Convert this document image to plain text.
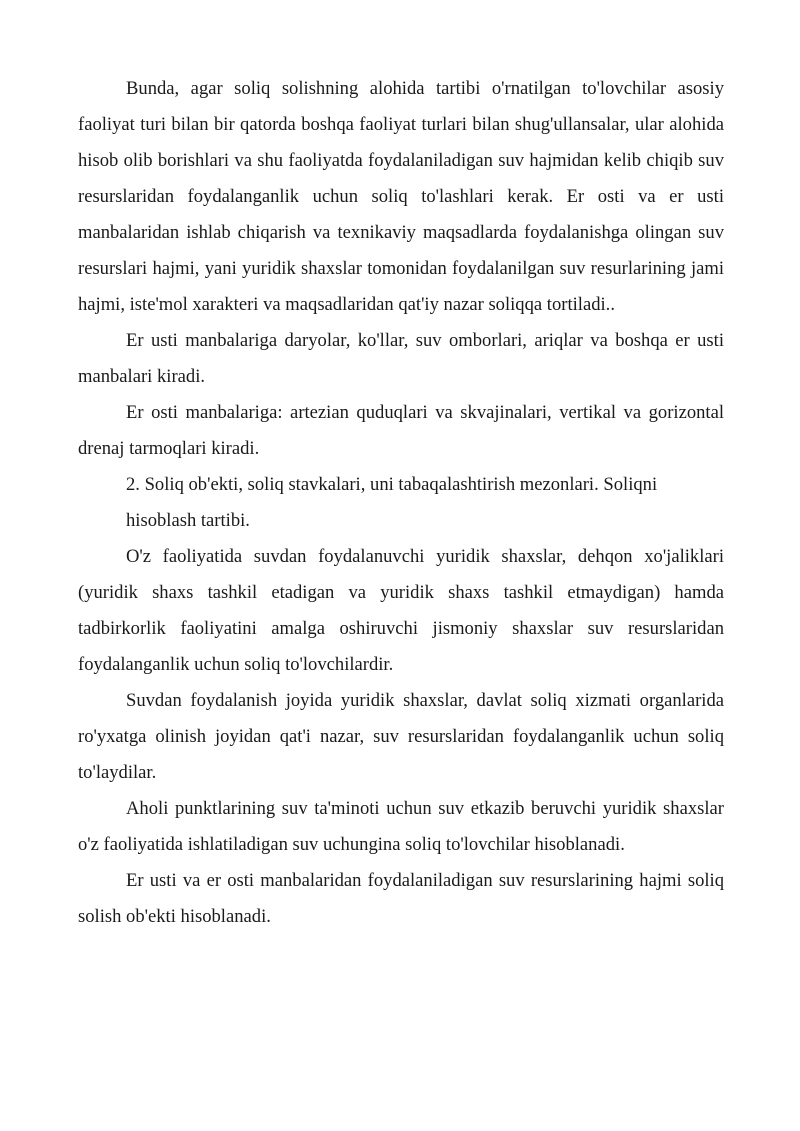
Bunda, agar soliq solishning alohida tartibi o'rnatilgan to'lovchilar asosiy faoliyat turi bilan bir qatorda boshqa faoliyat turlari bilan shug'ullansalar, ular alohida hisob olib borishlari va shu faoliyatda foydalaniladigan suv hajmidan kelib chiqib suv resurslaridan foydalanganlik uchun soliq to'lashlari kerak. Er osti va er usti manbalaridan ishlab chiqarish va texnikaviy maqsadlarda foydalanishga olingan suv resurslari hajmi, yani yuridik shaxslar tomonidan foydalanilgan suv resurlarining jami hajmi, iste'mol xarakteri va maqsadlaridan qat'iy nazar soliqqa tortiladi..

Er usti manbalariga daryolar, ko'llar, suv omborlari, ariqlar va boshqa er usti manbalari kiradi.

Er osti manbalariga: artezian quduqlari va skvajinalari, vertikal va gorizontal drenaj tarmoqlari kiradi.

2. Soliq ob'ekti, soliq stavkalari, uni tabaqalashtirish mezonlari. Soliqni
hisoblash tartibi.

O'z faoliyatida suvdan foydalanuvchi yuridik shaxslar, dehqon xo'jaliklari (yuridik shaxs tashkil etadigan va yuridik shaxs tashkil etmaydigan) hamda tadbirkorlik faoliyatini amalga oshiruvchi jismoniy shaxslar suv resurslaridan foydalanganlik uchun soliq to'lovchilardir.

Suvdan foydalanish joyida yuridik shaxslar, davlat soliq xizmati organlarida ro'yxatga olinish joyidan qat'i nazar, suv resurslaridan foydalanganlik uchun soliq to'laydilar.

Aholi punktlarining suv ta'minoti uchun suv etkazib beruvchi yuridik shaxslar o'z faoliyatida ishlatiladigan suv uchungina soliq to'lovchilar hisoblanadi.

Er usti va er osti manbalaridan foydalaniladigan suv resurslarining hajmi soliq solish ob'ekti hisoblanadi.
